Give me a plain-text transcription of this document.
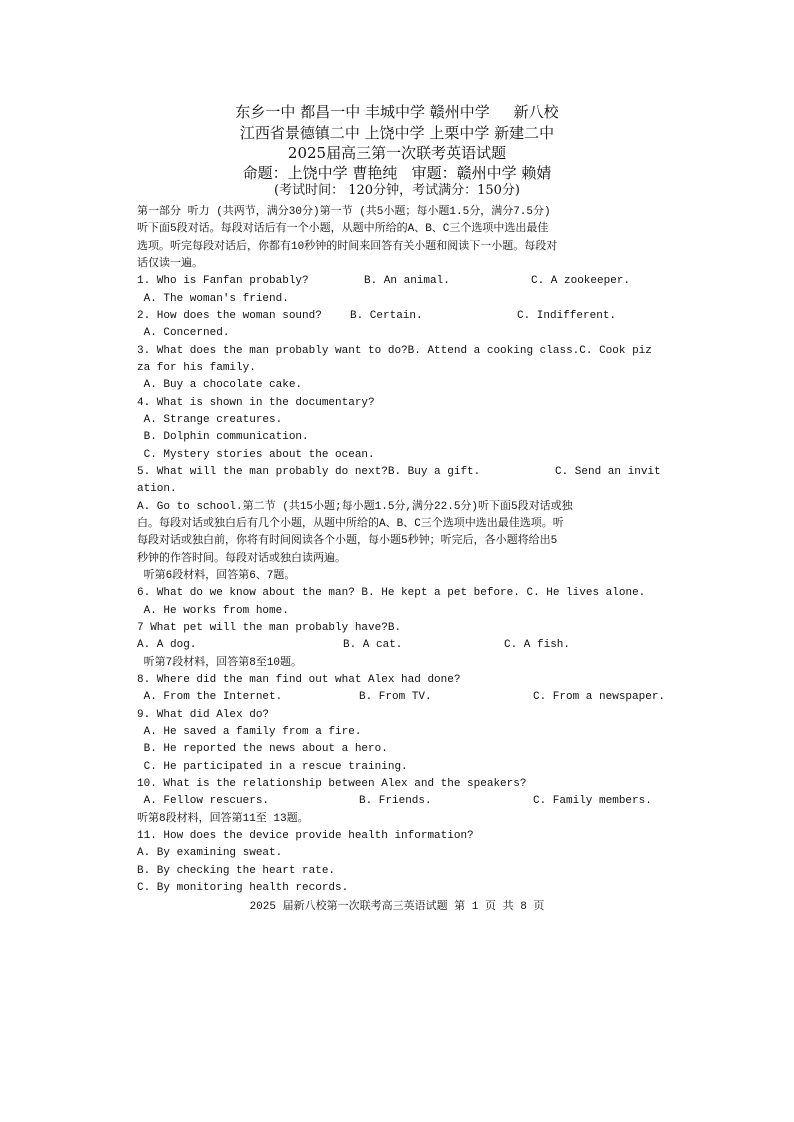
东乡一中 都昌一中 丰城中学 赣州中学     新八校
江西省景德镇二中 上饶中学 上栗中学 新建二中
2025届高三第一次联考英语试题
命题：上饶中学 曹艳纯   审题：赣州中学 赖婧
(考试时间： 120分钟，考试满分：150分)
第一部分 听力 (共两节，满分30分)第一节 (共5小题；每小题1.5分，满分7.5分)
听下面5段对话。每段对话后有一个小题，从题中所给的A、B、C三个选项中选出最佳
选项。听完每段对话后，你都有10秒钟的时间来回答有关小题和阅读下一小题。每段对
话仅读一遍。
1. Who is Fanfan probably?	B. An animal.	C. A zookeeper.
A. The woman's friend.
2. How does the woman sound?	B. Certain.	C. Indifferent.
A. Concerned.
3. What does the man probably want to do?B. Attend a cooking class.C. Cook piz
za for his family.
A. Buy a chocolate cake.
4. What is shown in the documentary?
A. Strange creatures.
B. Dolphin communication.
C. Mystery stories about the ocean.
5. What will the man probably do next?B. Buy a gift.	C. Send an invit
ation.
A. Go to school.第二节 (共15小题;每小题1.5分,满分22.5分)听下面5段对话或独
白。每段对话或独白后有几个小题，从题中所给的A、B、C三个选项中选出最佳选项。听
每段对话或独白前，你将有时间阅读各个小题，每小题5秒钟；听完后，各小题将给出5
秒钟的作答时间。每段对话或独白读两遍。
听第6段材料，回答第6、7题。
6. What do we know about the man? B. He kept a pet before. C. He lives alone.
A. He works from home.
7 What pet will the man probably have?B.
A. A dog.	B. A cat.	C. A fish.
听第7段材料，回答第8至10题。
8. Where did the man find out what Alex had done?
A. From the Internet.	B. From TV.	C. From a newspaper.
9. What did Alex do?
A. He saved a family from a fire.
B. He reported the news about a hero.
C. He participated in a rescue training.
10. What is the relationship between Alex and the speakers?
A. Fellow rescuers.	B. Friends.	C. Family members.
听第8段材料，回答第11至 13题。
11. How does the device provide health information?
A. By examining sweat.
B. By checking the heart rate.
C. By monitoring health records.
2025 届新八校第一次联考高三英语试题 第 1 页 共 8 页
